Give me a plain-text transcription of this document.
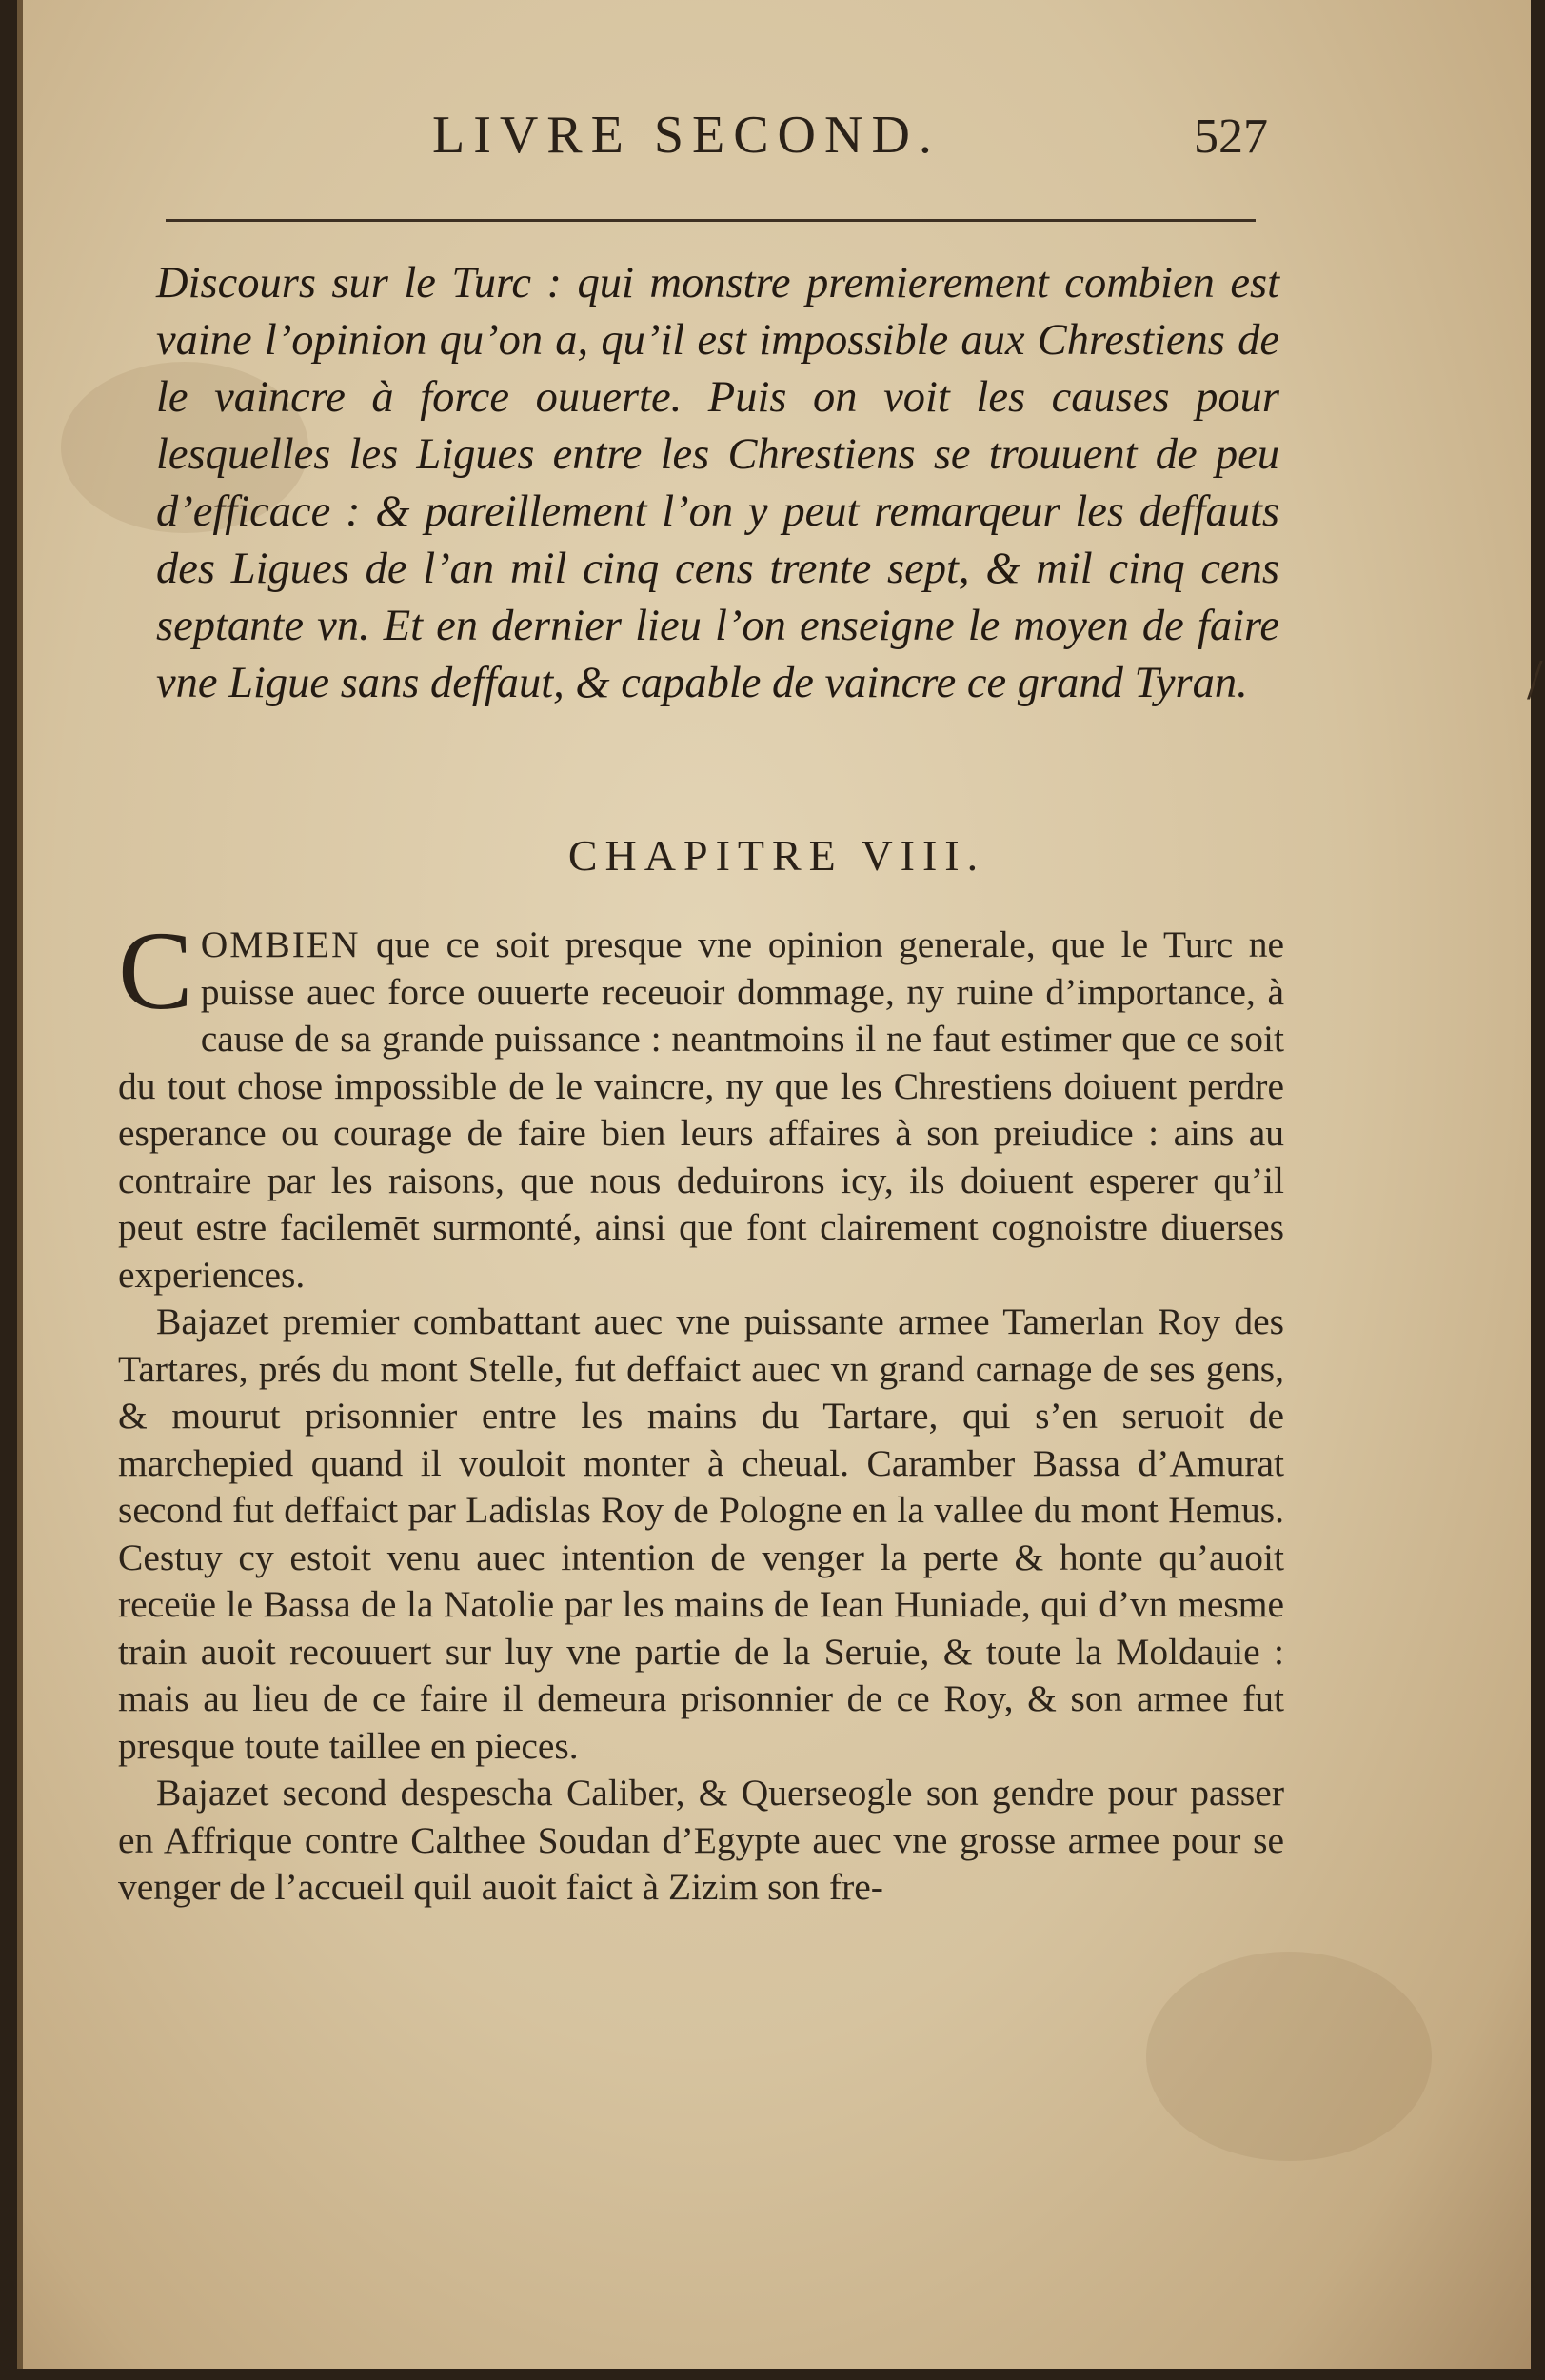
LIVRE SECOND.	527

Discours sur le Turc : qui monstre premierement combien est vaine l’opinion qu’on a, qu’il est impossible aux Chrestiens de le vaincre à force ouuerte. Puis on voit les causes pour lesquelles les Ligues entre les Chrestiens se trouuent de peu d’efficace : & pareillement l’on y peut remarqeur les deffauts des Ligues de l’an mil cinq cens trente sept, & mil cinq cens septante vn. Et en dernier lieu l’on enseigne le moyen de faire vne Ligue sans deffaut, & capable de vaincre ce grand Tyran.

CHAPITRE VIII.

COMBIEN que ce soit presque vne opinion generale, que le Turc ne puisse auec force ouuerte receuoir dommage, ny ruine d’importance, à cause de sa grande puissance : neantmoins il ne faut estimer que ce soit du tout chose impossible de le vaincre, ny que les Chrestiens doiuent perdre esperance ou courage de faire bien leurs affaires à son preiudice : ains au contraire par les raisons, que nous deduirons icy, ils doiuent esperer qu’il peut estre facilemēt surmonté, ainsi que font clairement cognoistre diuerses experiences.

Bajazet premier combattant auec vne puissante armee Tamerlan Roy des Tartares, prés du mont Stelle, fut deffaict auec vn grand carnage de ses gens, & mourut prisonnier entre les mains du Tartare, qui s’en seruoit de marchepied quand il vouloit monter à cheual. Caramber Bassa d’Amurat second fut deffaict par Ladislas Roy de Pologne en la vallee du mont Hemus. Cestuy cy estoit venu auec intention de venger la perte & honte qu’auoit receüe le Bassa de la Natolie par les mains de Iean Huniade, qui d’vn mesme train auoit recouuert sur luy vne partie de la Seruie, & toute la Moldauie : mais au lieu de ce faire il demeura prisonnier de ce Roy, & son armee fut presque toute taillee en pieces.

Bajazet second despescha Caliber, & Querseogle son gendre pour passer en Affrique contre Calthee Soudan d’Egypte auec vne grosse armee pour se venger de l’accueil quil auoit faict à Zizim son fre-

/
